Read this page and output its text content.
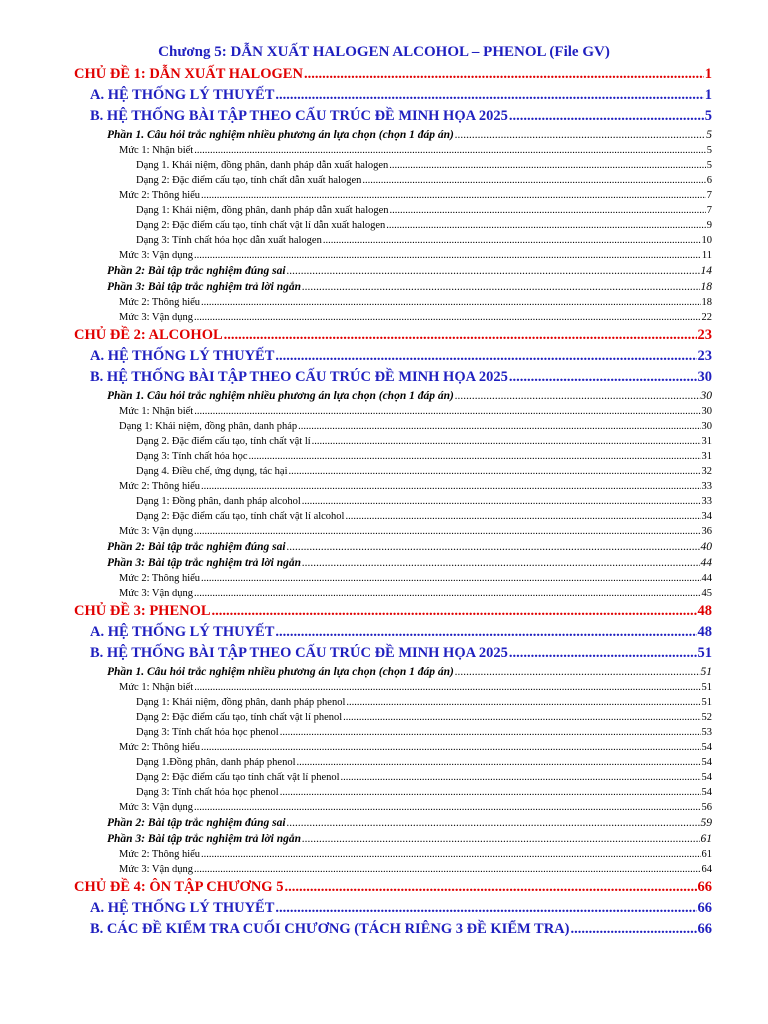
Chương 5: DẪN XUẤT HALOGEN ALCOHOL – PHENOL (File GV)
CHỦ ĐỀ 1: DẪN XUẤT HALOGEN .....	1
A. HỆ THỐNG LÝ THUYẾT .....	1
B. HỆ THỐNG BÀI TẬP THEO CẤU TRÚC ĐỀ MINH HỌA 2025 .....	5
Phần 1. Câu hỏi trắc nghiệm nhiều phương án lựa chọn (chọn 1 đáp án) .....	5
Mức 1: Nhận biết .....	5
Dạng 1. Khái niệm, đồng phân, danh pháp dẫn xuất halogen .....	5
Dạng 2: Đặc điểm cấu tạo, tính chất dẫn xuất halogen .....	6
Mức 2: Thông hiểu .....	7
Dạng 1: Khái niệm, đồng phân, danh pháp dẫn xuất halogen .....	7
Dạng 2: Đặc điểm cấu tạo, tính chất vật lí dẫn xuất halogen .....	9
Dạng 3: Tính chất hóa học dẫn xuất halogen .....	10
Mức 3: Vận dụng .....	11
Phần 2: Bài tập trắc nghiệm đúng sai .....	14
Phần 3: Bài tập trắc nghiệm trả lời ngắn .....	18
Mức 2: Thông hiểu .....	18
Mức 3: Vận dụng .....	22
CHỦ ĐỀ 2: ALCOHOL .....	23
A. HỆ THỐNG LÝ THUYẾT .....	23
B. HỆ THỐNG BÀI TẬP THEO CẤU TRÚC ĐỀ MINH HỌA 2025 .....	30
Phần 1. Câu hỏi trắc nghiệm nhiều phương án lựa chọn (chọn 1 đáp án) .....	30
Mức 1: Nhận biết .....	30
Dạng 1: Khái niệm, đồng phân, danh pháp .....	30
Dạng 2. Đặc điểm cấu tạo, tính chất vật lí .....	31
Dạng 3: Tính chất hóa học .....	31
Dạng 4. Điều chế, ứng dụng, tác hại .....	32
Mức 2: Thông hiểu .....	33
Dạng 1: Đồng phân, danh pháp alcohol .....	33
Dạng 2: Đặc điểm cấu tạo, tính chất vật lí alcohol .....	34
Mức 3: Vận dụng .....	36
Phần 2: Bài tập trắc nghiệm đúng sai .....	40
Phần 3: Bài tập trắc nghiệm trả lời ngắn .....	44
Mức 2: Thông hiểu .....	44
Mức 3: Vận dụng .....	45
CHỦ ĐỀ 3: PHENOL .....	48
A. HỆ THỐNG LÝ THUYẾT .....	48
B. HỆ THỐNG BÀI TẬP THEO CẤU TRÚC ĐỀ MINH HỌA 2025 .....	51
Phần 1. Câu hỏi trắc nghiệm nhiều phương án lựa chọn (chọn 1 đáp án) .....	51
Mức 1: Nhận biết .....	51
Dạng 1: Khái niệm, đồng phân, danh pháp phenol .....	51
Dạng 2: Đặc điểm cấu tạo, tính chất vật lí phenol .....	52
Dạng 3: Tính chất hóa học phenol .....	53
Mức 2: Thông hiểu .....	54
Dạng 1.Đồng phân, danh pháp phenol .....	54
Dạng 2: Đặc điểm cấu tạo tính chất vật lí phenol .....	54
Dạng 3: Tính chất hóa học phenol .....	54
Mức 3: Vận dụng .....	56
Phần 2: Bài tập trắc nghiệm đúng sai .....	59
Phần 3: Bài tập trắc nghiệm trả lời ngắn .....	61
Mức 2: Thông hiểu .....	61
Mức 3: Vận dụng .....	64
CHỦ ĐỀ 4: ÔN TẬP CHƯƠNG 5 .....	66
A. HỆ THỐNG LÝ THUYẾT .....	66
B. CÁC ĐỀ KIỂM TRA CUỐI CHƯƠNG (TÁCH RIÊNG 3 ĐỀ KIỂM TRA) .....	66
